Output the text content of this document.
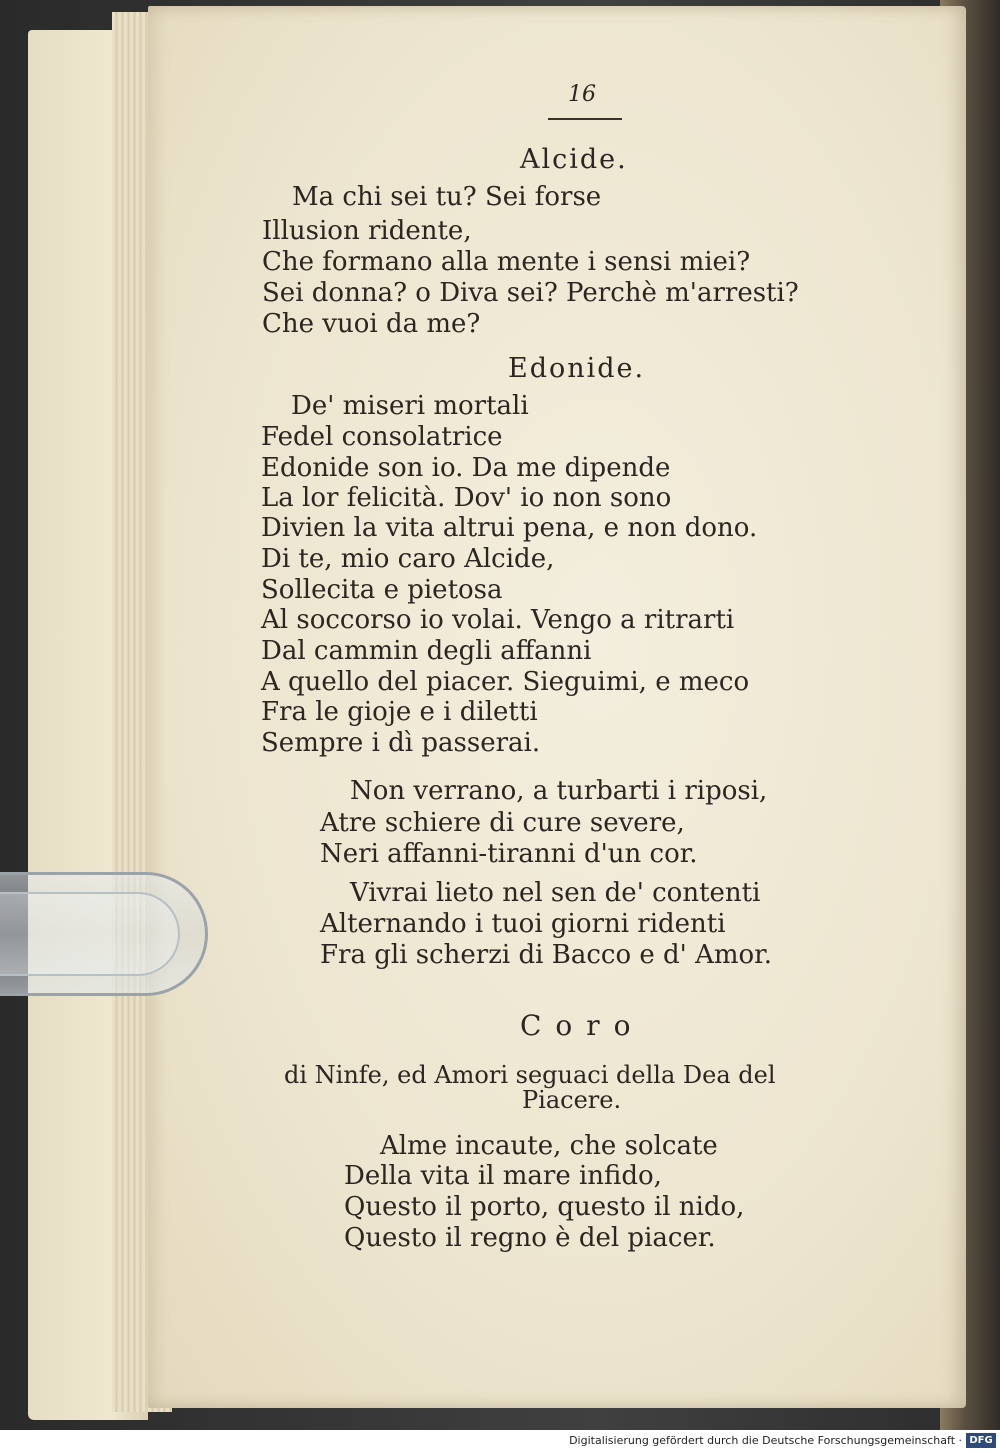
16
Alcide.
Ma chi sei tu? Sei forse
Illusion ridente,
Che formano alla mente i sensi miei?
Sei donna? o Diva sei? Perchè m'arresti?
Che vuoi da me?
Edonide.
De' miseri mortali
Fedel consolatrice
Edonide son io. Da me dipende
La lor felicità. Dov' io non sono
Divien la vita altrui pena, e non dono.
Di te, mio caro Alcide,
Sollecita e pietosa
Al soccorso io volai. Vengo a ritrarti
Dal cammin degli affanni
A quello del piacer. Sieguimi, e meco
Fra le gioje e i diletti
Sempre i dì passerai.
Non verrano, a turbarti i riposi,
Atre schiere di cure severe,
Neri affanni-tiranni d'un cor.
Vivrai lieto nel sen de' contenti
Alternando i tuoi giorni ridenti
Fra gli scherzi di Bacco e d' Amor.
Coro
di Ninfe, ed Amori seguaci della Dea del
Piacere.
Alme incaute, che solcate
Della vita il mare infido,
Questo il porto, questo il nido,
Questo il regno è del piacer.
Digitalisierung gefördert durch die Deutsche Forschungsgemeinschaft · DFG
